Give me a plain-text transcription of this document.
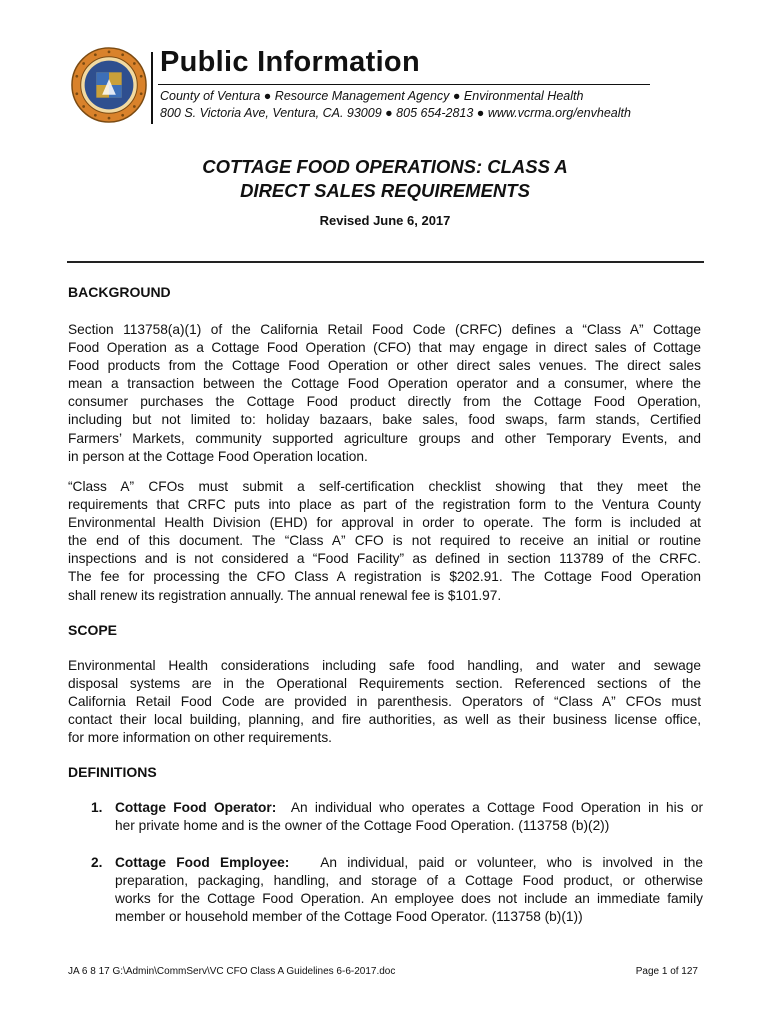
Public Information
County of Ventura ● Resource Management Agency ● Environmental Health
800 S. Victoria Ave, Ventura, CA. 93009 ● 805 654-2813 ● www.vcrma.org/envhealth
COTTAGE FOOD OPERATIONS: CLASS A
DIRECT SALES REQUIREMENTS
Revised June 6, 2017
BACKGROUND
Section 113758(a)(1) of the California Retail Food Code (CRFC) defines a “Class A” Cottage
Food Operation as a Cottage Food Operation (CFO) that may engage in direct sales of Cottage
Food products from the Cottage Food Operation or other direct sales venues. The direct sales
mean a transaction between the Cottage Food Operation operator and a consumer, where the
consumer purchases the Cottage Food product directly from the Cottage Food Operation,
including but not limited to: holiday bazaars, bake sales, food swaps, farm stands, Certified
Farmers’ Markets, community supported agriculture groups and other Temporary Events, and
in person at the Cottage Food Operation location.
“Class A” CFOs must submit a self-certification checklist showing that they meet the
requirements that CRFC puts into place as part of the registration form to the Ventura County
Environmental Health Division (EHD) for approval in order to operate. The form is included at
the end of this document. The “Class A” CFO is not required to receive an initial or routine
inspections and is not considered a “Food Facility” as defined in section 113789 of the CRFC.
The fee for processing the CFO Class A registration is $202.91. The Cottage Food Operation
shall renew its registration annually. The annual renewal fee is $101.97.
SCOPE
Environmental Health considerations including safe food handling, and water and sewage
disposal systems are in the Operational Requirements section. Referenced sections of the
California Retail Food Code are provided in parenthesis. Operators of “Class A” CFOs must
contact their local building, planning, and fire authorities, as well as their business license office,
for more information on other requirements.
DEFINITIONS
1. Cottage Food Operator: An individual who operates a Cottage Food Operation in his or
her private home and is the owner of the Cottage Food Operation. (113758 (b)(2))
2. Cottage Food Employee: An individual, paid or volunteer, who is involved in the
preparation, packaging, handling, and storage of a Cottage Food product, or otherwise
works for the Cottage Food Operation. An employee does not include an immediate family
member or household member of the Cottage Food Operator. (113758 (b)(1))
JA 6 8 17 G:\Admin\CommServ\VC CFO Class A Guidelines 6-6-2017.doc	Page 1 of 127
